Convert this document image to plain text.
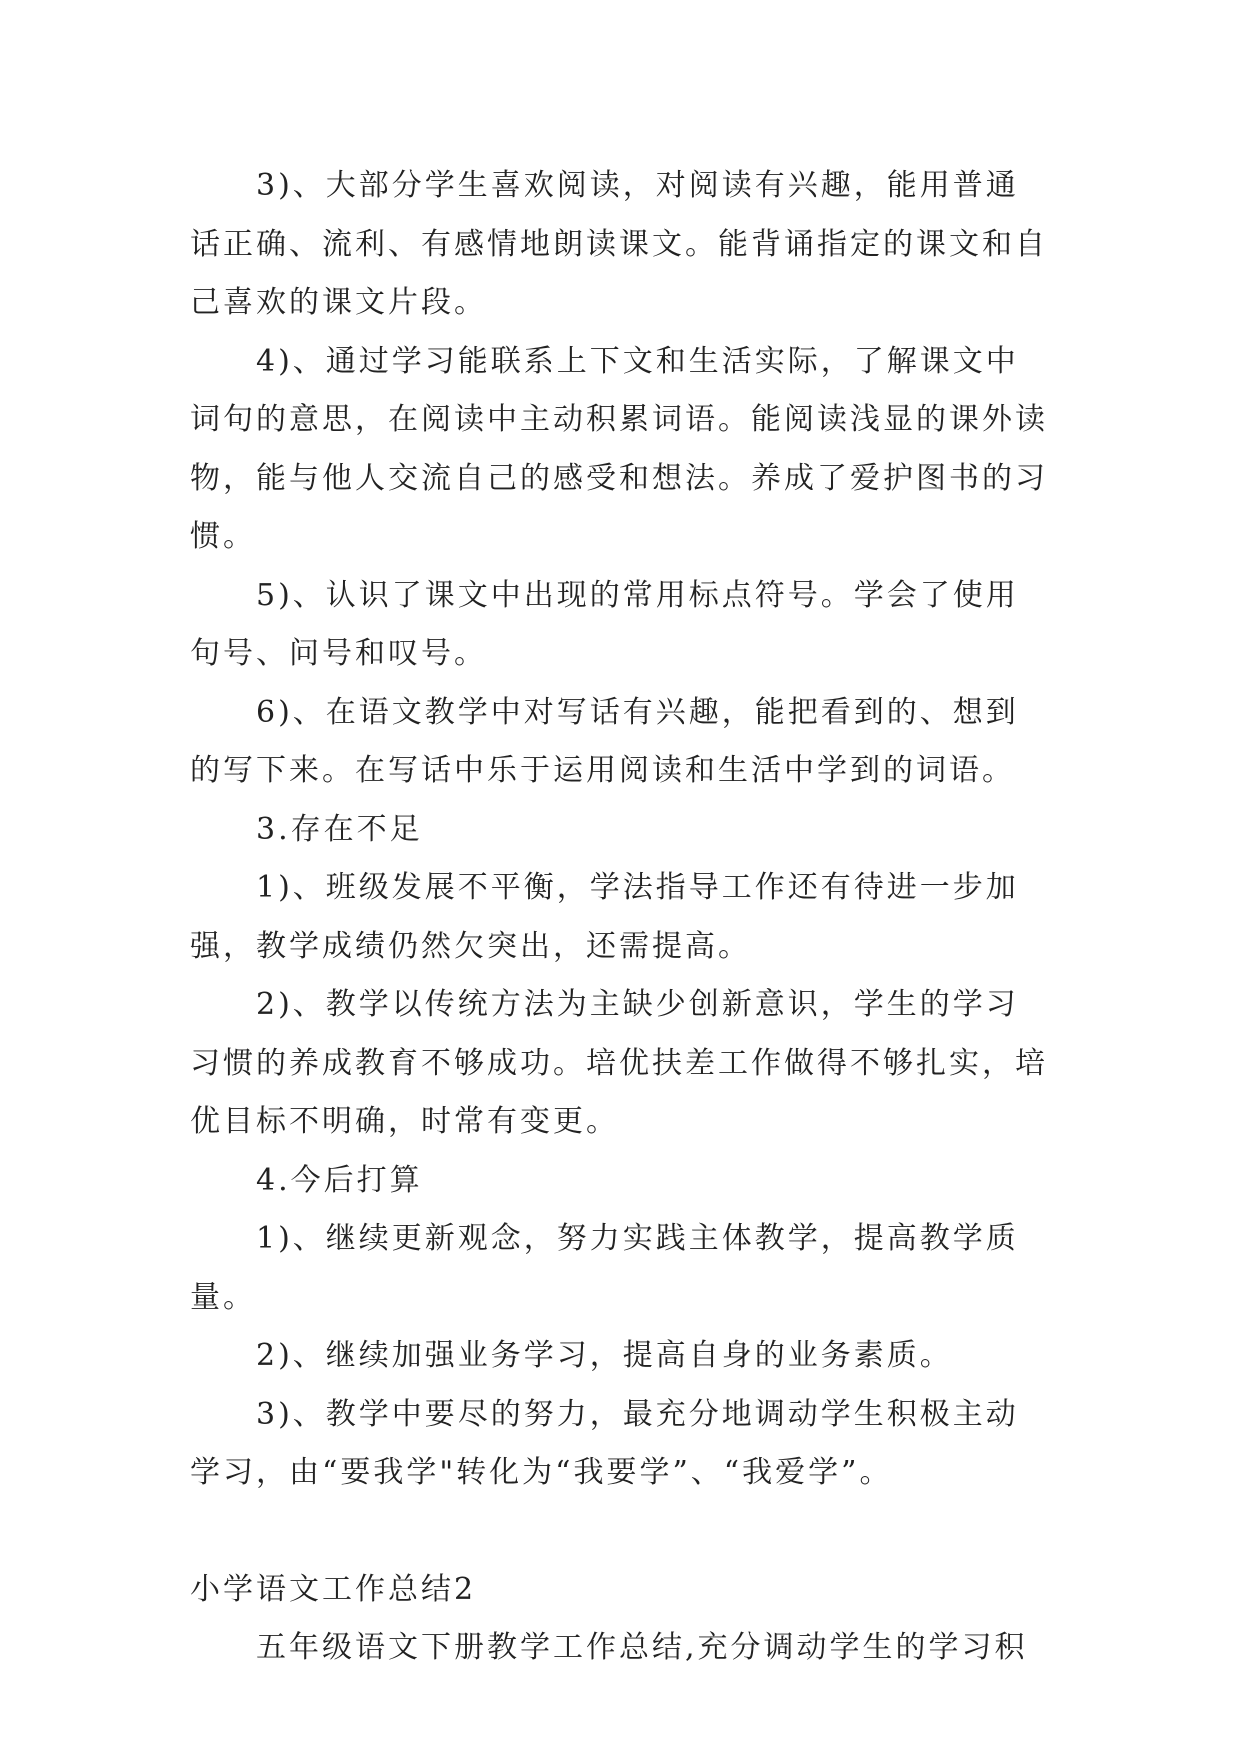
3)、大部分学生喜欢阅读，对阅读有兴趣，能用普通话正确、流利、有感情地朗读课文。能背诵指定的课文和自己喜欢的课文片段。

4)、通过学习能联系上下文和生活实际，了解课文中词句的意思，在阅读中主动积累词语。能阅读浅显的课外读物，能与他人交流自己的感受和想法。养成了爱护图书的习惯。

5)、认识了课文中出现的常用标点符号。学会了使用句号、问号和叹号。

6)、在语文教学中对写话有兴趣，能把看到的、想到的写下来。在写话中乐于运用阅读和生活中学到的词语。

3.存在不足

1)、班级发展不平衡，学法指导工作还有待进一步加强，教学成绩仍然欠突出，还需提高。

2)、教学以传统方法为主缺少创新意识，学生的学习习惯的养成教育不够成功。培优扶差工作做得不够扎实，培优目标不明确，时常有变更。

4.今后打算

1)、继续更新观念，努力实践主体教学，提高教学质量。

2)、继续加强业务学习，提高自身的业务素质。

3)、教学中要尽的努力，最充分地调动学生积极主动学习，由“要我学"转化为“我要学”、“我爱学”。

小学语文工作总结2

五年级语文下册教学工作总结,充分调动学生的学习积
